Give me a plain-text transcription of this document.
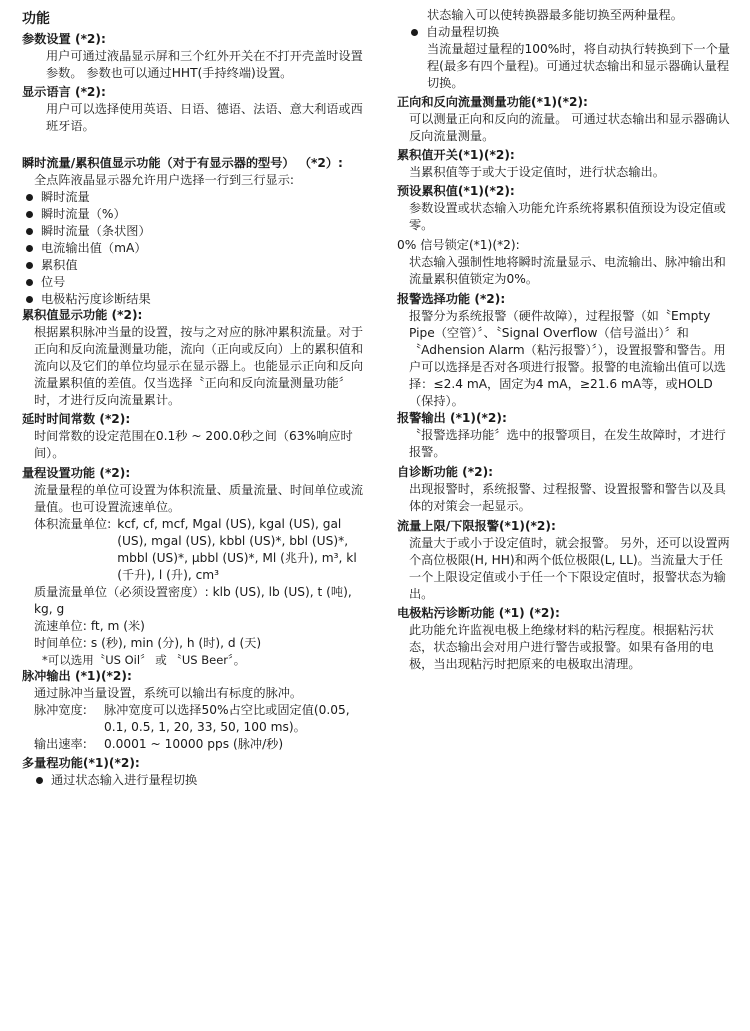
功能
参数设置 (*2):
用户可通过液晶显示屏和三个红外开关在不打开壳盖时设置参数。 参数也可以通过HHT(手持终端)设置。
显示语言 (*2):
用户可以选择使用英语、日语、德语、法语、意大利语或西班牙语。
瞬时流量/累积值显示功能（对于有显示器的型号） （*2）:
全点阵液晶显示器允许用户选择一行到三行显示:
瞬时流量
瞬时流量（%）
瞬时流量（条状图）
电流输出值（mA）
累积值
位号
电极粘污度诊断结果
累积值显示功能 (*2):
根据累积脉冲当量的设置，按与之对应的脉冲累积流量。对于正向和反向流量测量功能，流向（正向或反向）上的累积值和流向以及它们的单位均显示在显示器上。也能显示正向和反向流量累积值的差值。仅当选择〝正向和反向流量测量功能〞时，才进行反向流量累计。
延时时间常数 (*2):
时间常数的设定范围在0.1秒 ~ 200.0秒之间（63%响应时间）。
量程设置功能 (*2):
流量量程的单位可设置为体积流量、质量流量、时间单位或流量值。也可设置流速单位。
体积流量单位: kcf, cf, mcf, Mgal (US), kgal (US), gal (US), mgal (US), kbbl (US)*, bbl (US)*, mbbl (US)*, μbbl (US)*, Ml (兆升), m³, kl (千升), l (升), cm³
质量流量单位（必须设置密度）: klb (US), lb (US), t (吨), kg, g
流速单位: ft, m (米)
时间单位: s (秒), min (分), h (时), d (天)
*可以选用〝US Oil〞 或 〝US Beer〞。
脉冲输出 (*1)(*2):
通过脉冲当量设置，系统可以输出有标度的脉冲。
脉冲宽度:	脉冲宽度可以选择50%占空比或固定值(0.05, 0.1, 0.5, 1, 20, 33, 50, 100 ms)。
输出速率:	0.0001 ~ 10000 pps (脉冲/秒)
多量程功能(*1)(*2):
通过状态输入进行量程切换
状态输入可以使转换器最多能切换至两种量程。
自动量程切换
当流量超过量程的100%时，将自动执行转换到下一个量程(最多有四个量程)。可通过状态输出和显示器确认量程切换。
正向和反向流量测量功能(*1)(*2):
可以测量正向和反向的流量。 可通过状态输出和显示器确认反向流量测量。
累积值开关(*1)(*2):
当累积值等于或大于设定值时，进行状态输出。
预设累积值(*1)(*2):
参数设置或状态输入功能允许系统将累积值预设为设定值或零。
0% 信号锁定(*1)(*2):
状态输入强制性地将瞬时流量显示、电流输出、脉冲输出和流量累积值锁定为0%。
报警选择功能 (*2):
报警分为系统报警（硬件故障），过程报警（如〝Empty Pipe（空管）〞、〝Signal Overflow（信号溢出）〞和〝Adhension Alarm（粘污报警）〞），设置报警和警告。用户可以选择是否对各项进行报警。报警的电流输出值可以选择：≤2.4 mA，固定为4 mA，≥21.6 mA等，或HOLD（保持）。
报警输出 (*1)(*2):
〝报警选择功能〞选中的报警项目，在发生故障时，才进行报警。
自诊断功能 (*2):
出现报警时，系统报警、过程报警、设置报警和警告以及具体的对策会一起显示。
流量上限/下限报警(*1)(*2):
流量大于或小于设定值时，就会报警。 另外，还可以设置两个高位极限(H, HH)和两个低位极限(L, LL)。当流量大于任一个上限设定值或小于任一个下限设定值时，报警状态为输出。
电极粘污诊断功能 (*1) (*2):
此功能允许监视电极上绝缘材料的粘污程度。根据粘污状态，状态输出会对用户进行警告或报警。如果有备用的电极，当出现粘污时把原来的电极取出清理。
